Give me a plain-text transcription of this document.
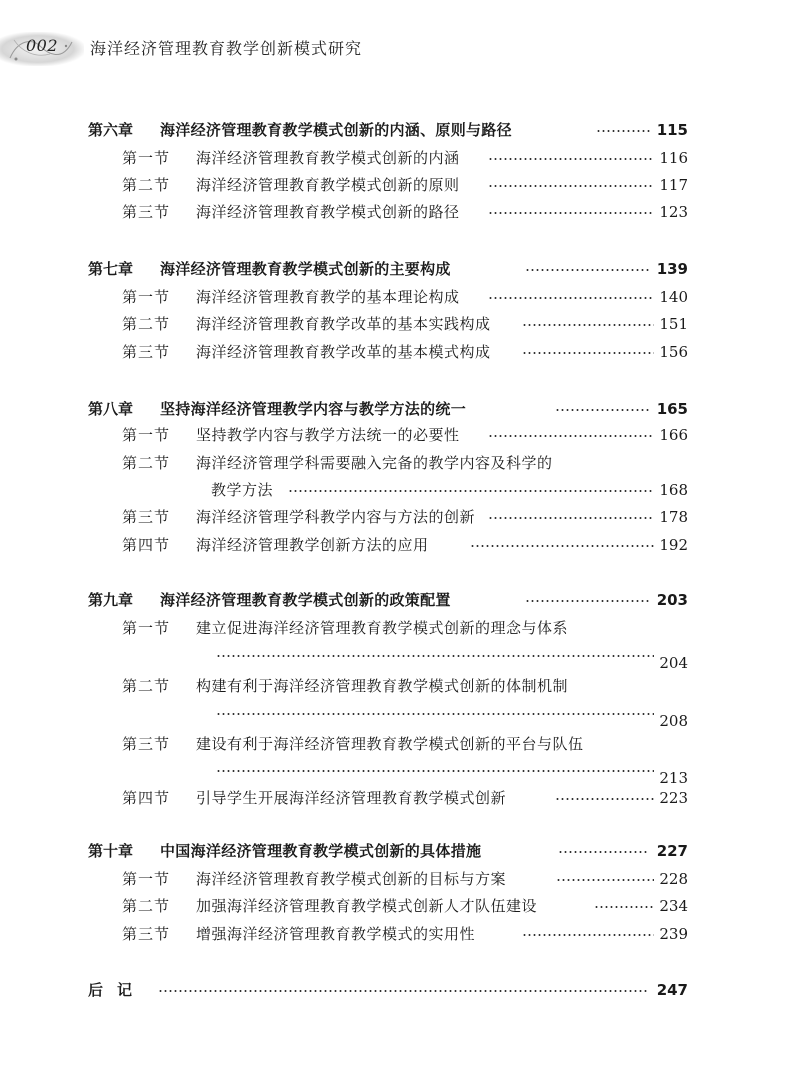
002 海洋经济管理教育教学创新模式研究
第六章 海洋经济管理教育教学模式创新的内涵、原则与路径	115
第一节 海洋经济管理教育教学模式创新的内涵	116
第二节 海洋经济管理教育教学模式创新的原则	117
第三节 海洋经济管理教育教学模式创新的路径	123
第七章 海洋经济管理教育教学模式创新的主要构成	139
第一节 海洋经济管理教育教学的基本理论构成	140
第二节 海洋经济管理教育教学改革的基本实践构成	151
第三节 海洋经济管理教育教学改革的基本模式构成	156
第八章 坚持海洋经济管理教学内容与教学方法的统一	165
第一节 坚持教学内容与教学方法统一的必要性	166
第二节 海洋经济管理学科需要融入完备的教学内容及科学的
教学方法	168
第三节 海洋经济管理学科教学内容与方法的创新	178
第四节 海洋经济管理教学创新方法的应用	192
第九章 海洋经济管理教育教学模式创新的政策配置	203
第一节 建立促进海洋经济管理教育教学模式创新的理念与体系
204
第二节 构建有利于海洋经济管理教育教学模式创新的体制机制
208
第三节 建设有利于海洋经济管理教育教学模式创新的平台与队伍
213
第四节 引导学生开展海洋经济管理教育教学模式创新	223
第十章 中国海洋经济管理教育教学模式创新的具体措施	227
第一节 海洋经济管理教育教学模式创新的目标与方案	228
第二节 加强海洋经济管理教育教学模式创新人才队伍建设	234
第三节 增强海洋经济管理教育教学模式的实用性	239
后记	247
